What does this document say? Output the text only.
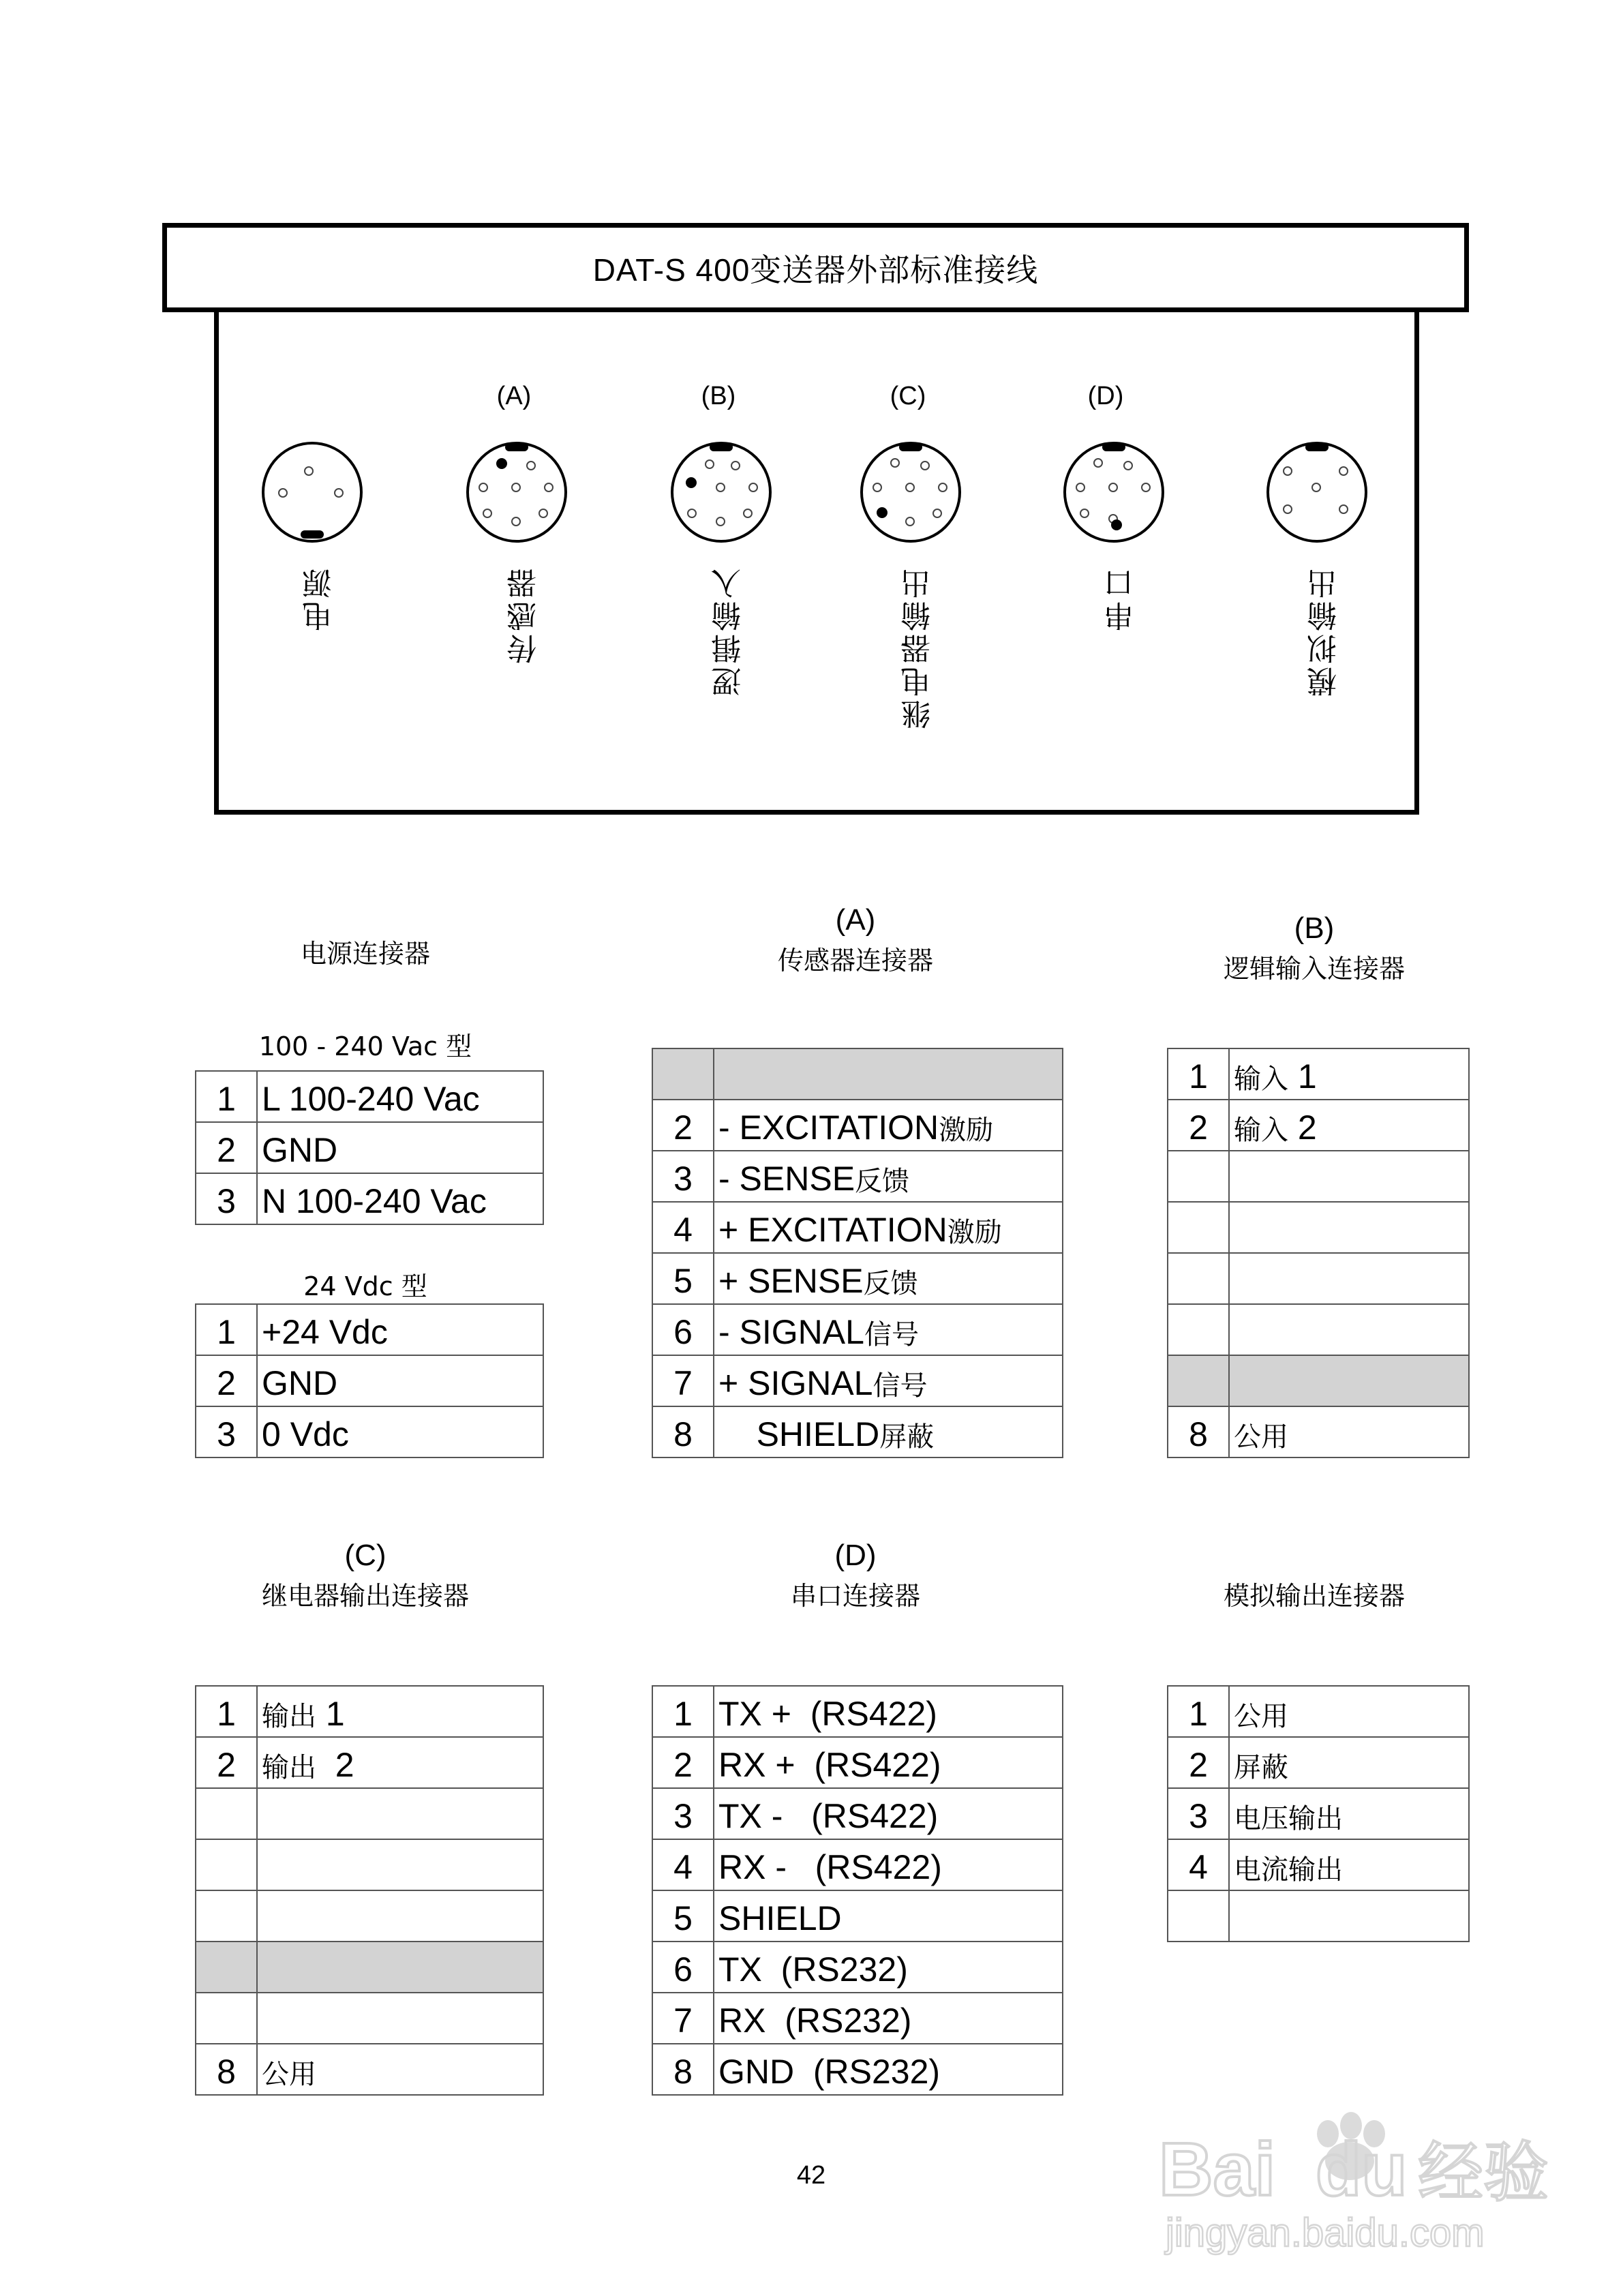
DAT-S 400变送器外部标准接线
电源
(A)
传感器
(B)
逻辑输入
(C)
继电器输出
(D)
串口	模拟输出
电源连接器
(A)
传感器连接器
(B)
逻辑输入连接器
100 - 240 Vac 型
1	L 100-240 Vac
2	GND
3	N 100-240 Vac
24 Vdc 型
1	+24 Vdc
2	GND
3	0 Vdc

2	- EXCITATION激励
3	- SENSE反馈
4	+ EXCITATION激励
5	+ SENSE反馈
6	- SIGNAL信号
7	+ SIGNAL信号
8	SHIELD屏蔽
1	输入 1
2	输入 2

8	公用
(C)
继电器输出连接器
(D)
串口连接器	模拟输出连接器
1	输出 1
2	输出  2

8	公用
1	TX +  (RS422)
2	RX +  (RS422)
3	TX -   (RS422)
4	RX -   (RS422)
5	SHIELD
6	TX  (RS232)
7	RX  (RS232)
8	GND  (RS232)
1	公用
2	屏蔽
3	电压输出
4	电流输出

42	Bai du 经验
jingyan.baidu.com
